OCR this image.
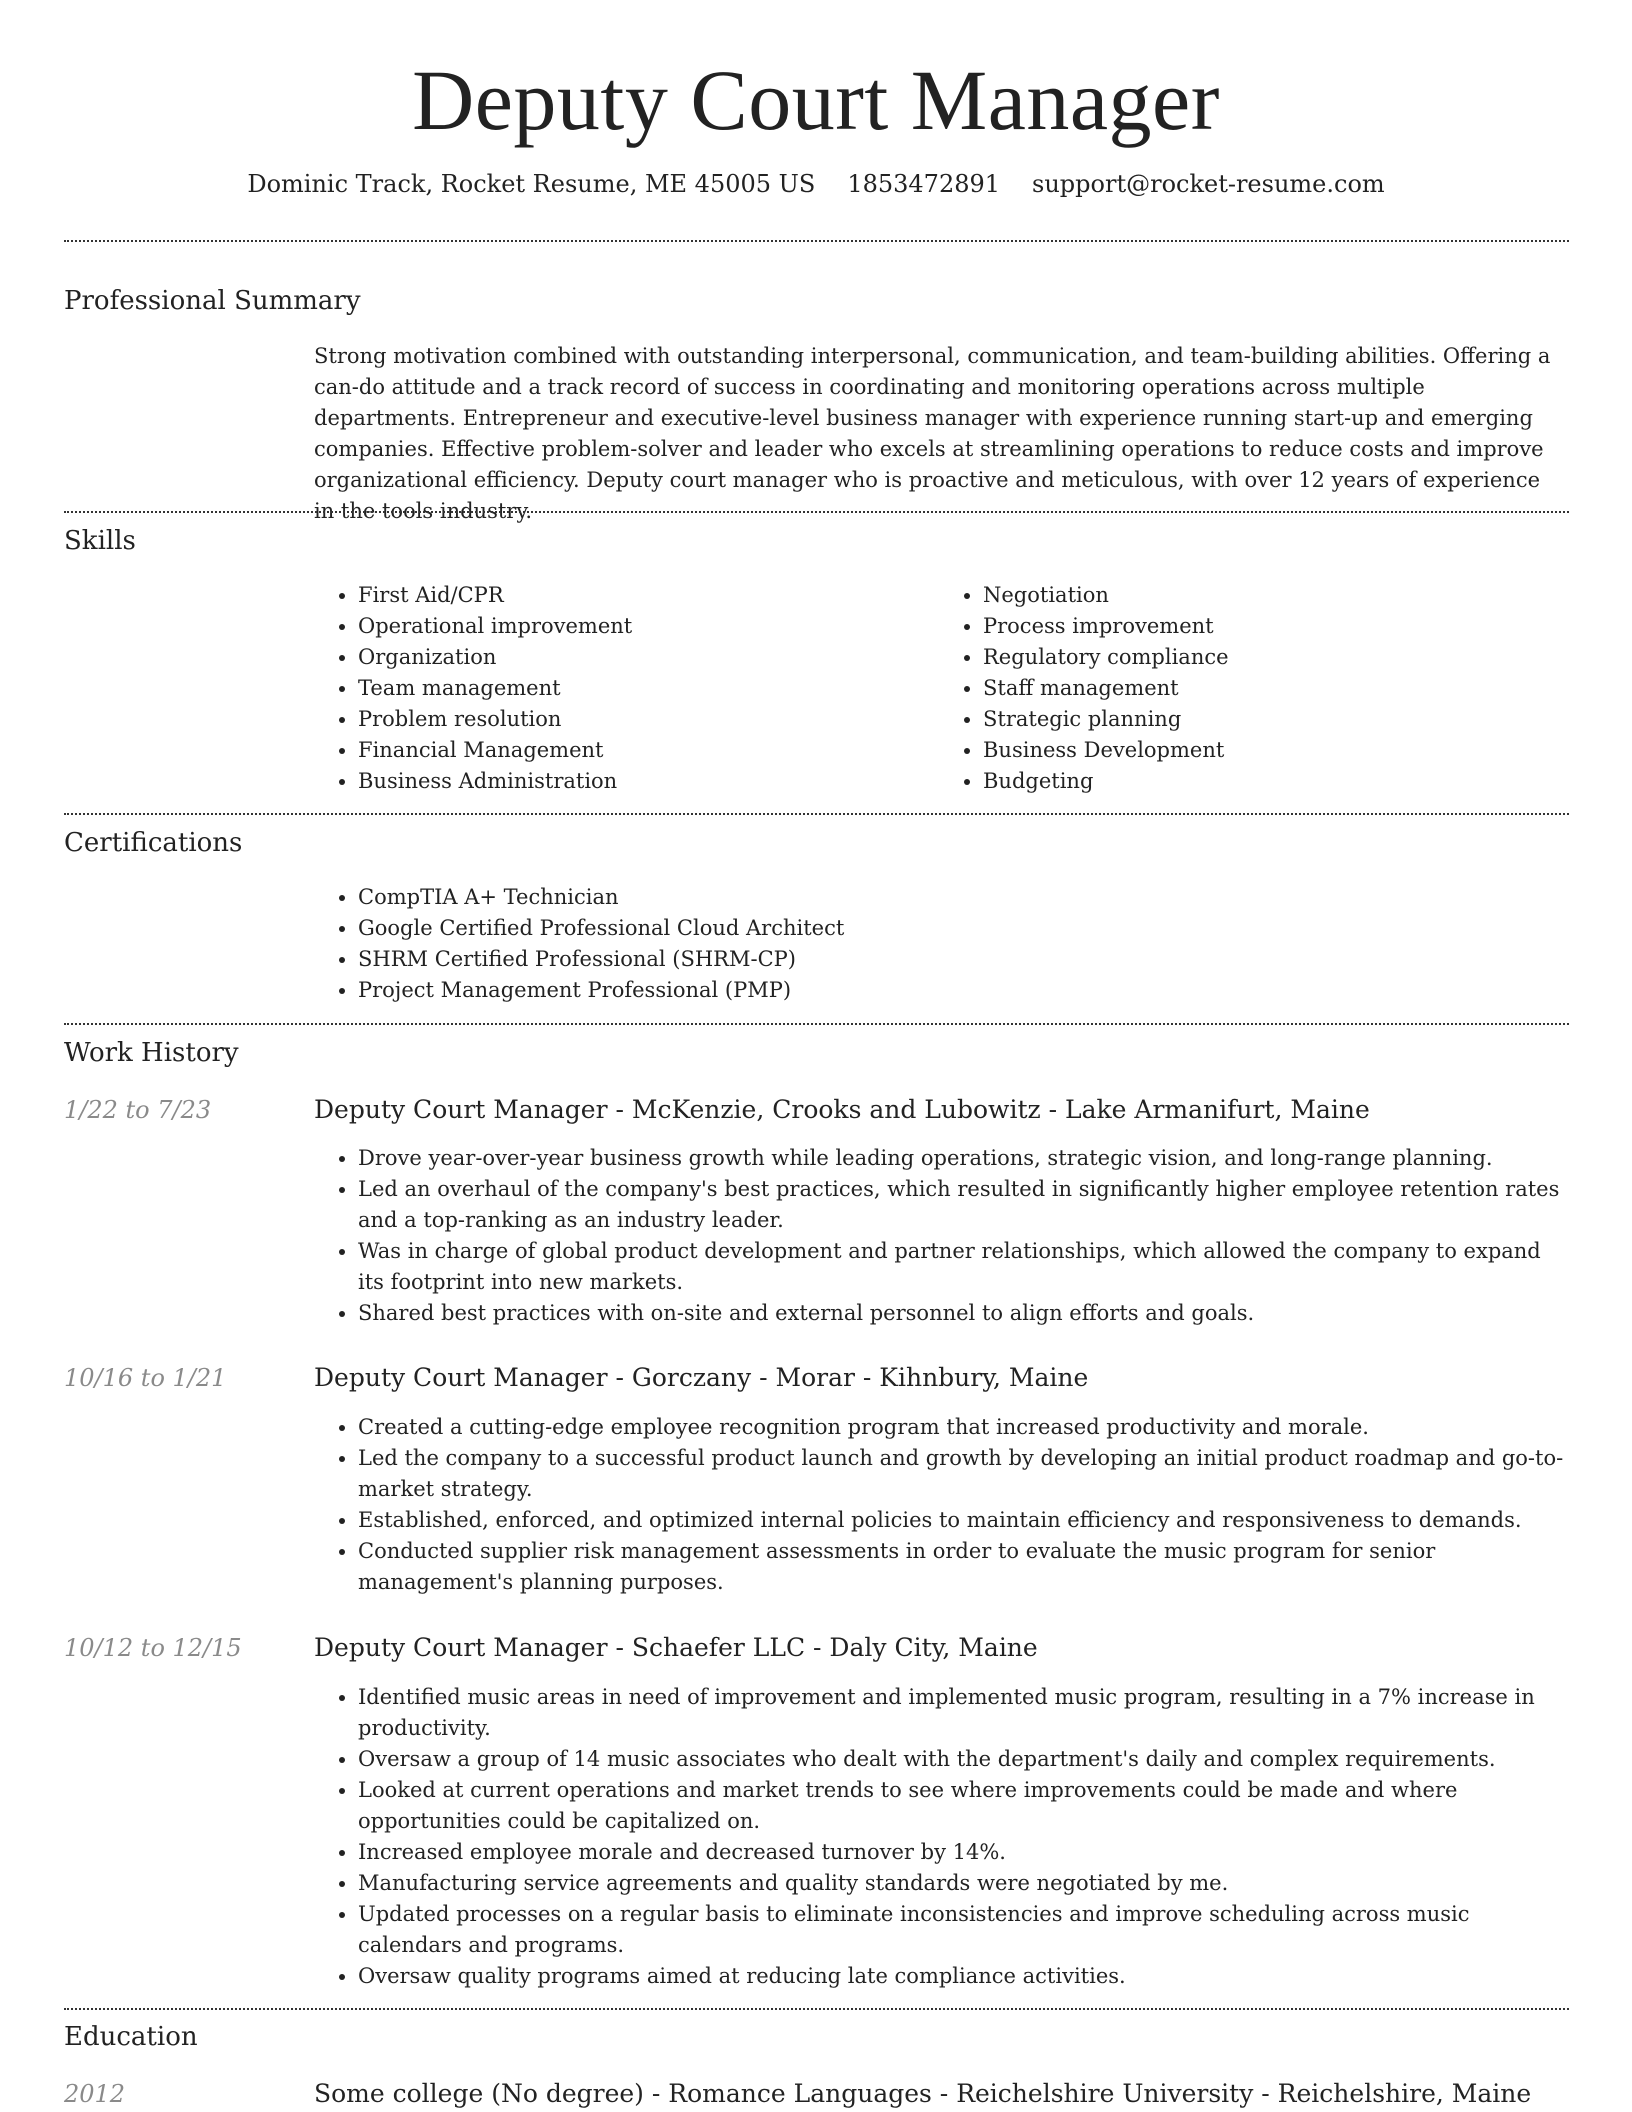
Deputy Court Manager
Dominic Track, Rocket Resume, ME 45005 US 1853472891 support@rocket-resume.com
Professional Summary

Strong motivation combined with outstanding interpersonal, communication, and team-building abilities. Offering a can-do attitude and a track record of success in coordinating and monitoring operations across multiple departments. Entrepreneur and executive-level business manager with experience running start-up and emerging companies. Effective problem-solver and leader who excels at streamlining operations to reduce costs and improve organizational efficiency. Deputy court manager who is proactive and meticulous, with over 12 years of experience in the tools industry.

Skills
• First Aid/CPR
• Operational improvement
• Organization
• Team management
• Problem resolution
• Financial Management
• Business Administration
• Negotiation
• Process improvement
• Regulatory compliance
• Staff management
• Strategic planning
• Business Development
• Budgeting
Certifications
• CompTIA A+ Technician
• Google Certified Professional Cloud Architect
• SHRM Certified Professional (SHRM-CP)
• Project Management Professional (PMP)
Work History
1/22 to 7/23	Deputy Court Manager - McKenzie, Crooks and Lubowitz - Lake Armanifurt, Maine
• Drove year-over-year business growth while leading operations, strategic vision, and long-range planning.
• Led an overhaul of the company's best practices, which resulted in significantly higher employee retention rates and a top-ranking as an industry leader.
• Was in charge of global product development and partner relationships, which allowed the company to expand its footprint into new markets.
• Shared best practices with on-site and external personnel to align efforts and goals.
10/16 to 1/21	Deputy Court Manager - Gorczany - Morar - Kihnbury, Maine
• Created a cutting-edge employee recognition program that increased productivity and morale.
• Led the company to a successful product launch and growth by developing an initial product roadmap and go-to-market strategy.
• Established, enforced, and optimized internal policies to maintain efficiency and responsiveness to demands.
• Conducted supplier risk management assessments in order to evaluate the music program for senior management's planning purposes.
10/12 to 12/15	Deputy Court Manager - Schaefer LLC - Daly City, Maine
• Identified music areas in need of improvement and implemented music program, resulting in a 7% increase in productivity.
• Oversaw a group of 14 music associates who dealt with the department's daily and complex requirements.
• Looked at current operations and market trends to see where improvements could be made and where opportunities could be capitalized on.
• Increased employee morale and decreased turnover by 14%.
• Manufacturing service agreements and quality standards were negotiated by me.
• Updated processes on a regular basis to eliminate inconsistencies and improve scheduling across music calendars and programs.
• Oversaw quality programs aimed at reducing late compliance activities.
Education
2012	Some college (No degree) - Romance Languages - Reichelshire University - Reichelshire, Maine
